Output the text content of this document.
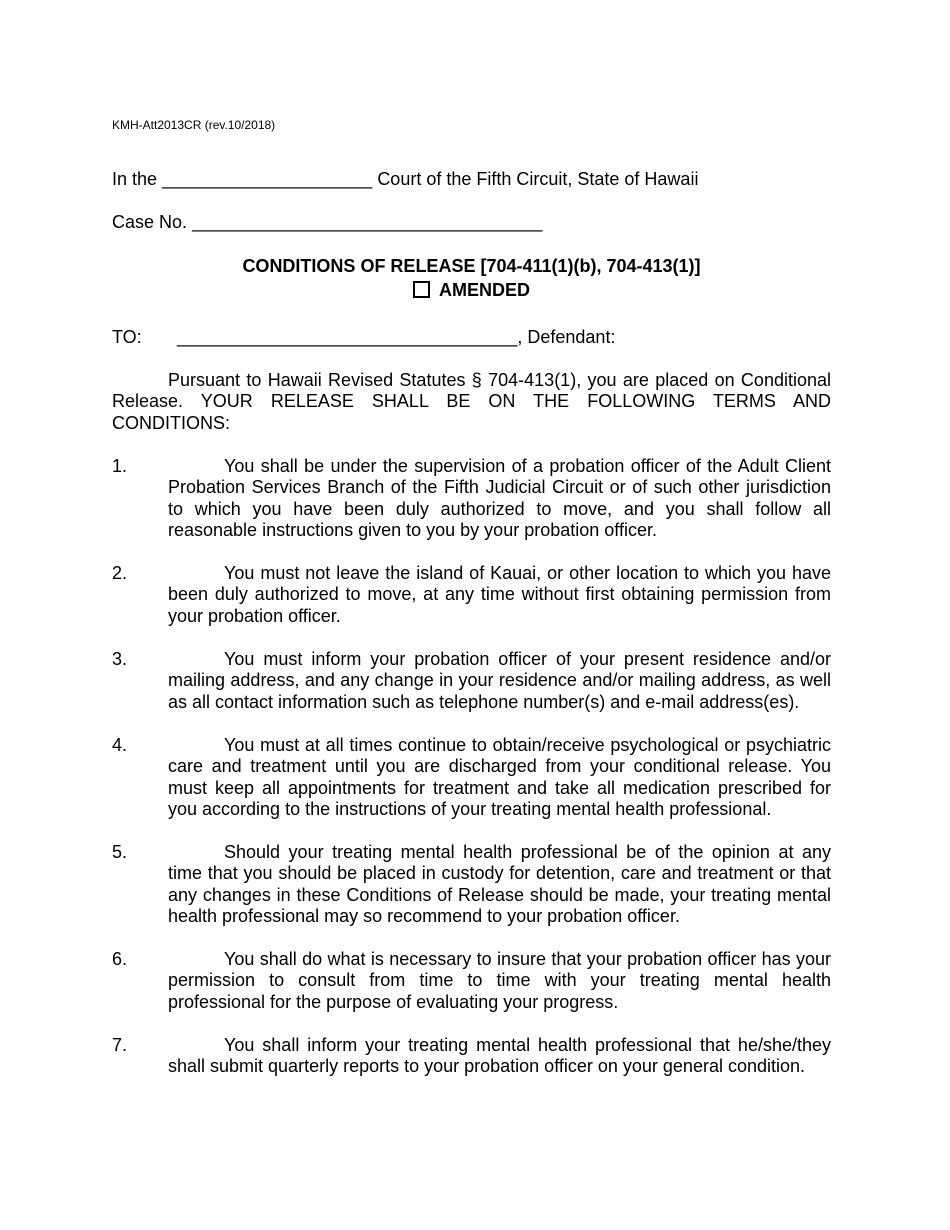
KMH-Att2013CR (rev.10/2018)
In the _____________________ Court of the Fifth Circuit, State of Hawaii
Case No. ___________________________________
CONDITIONS OF RELEASE [704-411(1)(b), 704-413(1)]
AMENDED
TO: __________________________________, Defendant:
Pursuant to Hawaii Revised Statutes § 704-413(1), you are placed on Conditional Release. YOUR RELEASE SHALL BE ON THE FOLLOWING TERMS AND CONDITIONS:
1.	You shall be under the supervision of a probation officer of the Adult Client Probation Services Branch of the Fifth Judicial Circuit or of such other jurisdiction to which you have been duly authorized to move, and you shall follow all reasonable instructions given to you by your probation officer.
2.	You must not leave the island of Kauai, or other location to which you have been duly authorized to move, at any time without first obtaining permission from your probation officer.
3.	You must inform your probation officer of your present residence and/or mailing address, and any change in your residence and/or mailing address, as well as all contact information such as telephone number(s) and e-mail address(es).
4.	You must at all times continue to obtain/receive psychological or psychiatric care and treatment until you are discharged from your conditional release. You must keep all appointments for treatment and take all medication prescribed for you according to the instructions of your treating mental health professional.
5.	Should your treating mental health professional be of the opinion at any time that you should be placed in custody for detention, care and treatment or that any changes in these Conditions of Release should be made, your treating mental health professional may so recommend to your probation officer.
6.	You shall do what is necessary to insure that your probation officer has your permission to consult from time to time with your treating mental health professional for the purpose of evaluating your progress.
7.	You shall inform your treating mental health professional that he/she/they shall submit quarterly reports to your probation officer on your general condition.
